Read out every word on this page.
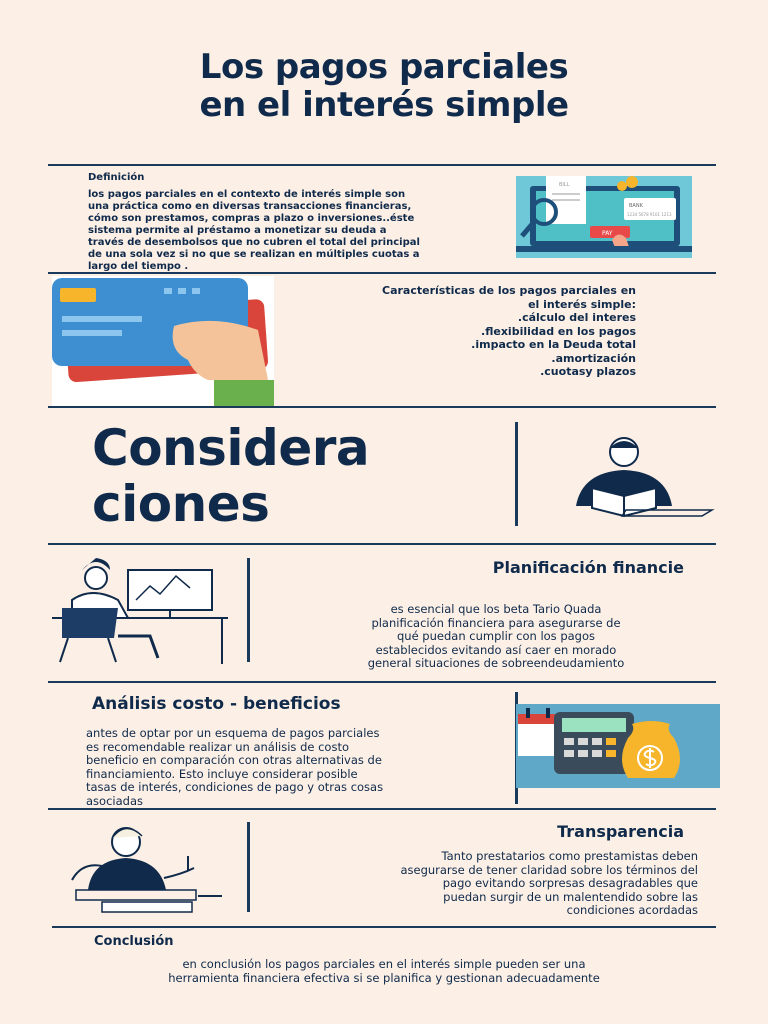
Los pagos parciales
en el interés simple
Definición
los pagos parciales en el contexto de interés simple son
una práctica como en diversas transacciones financieras,
cómo son prestamos, compras a plazo o inversiones..éste
sistema permite al préstamo a monetizar su deuda a
través de desembolsos que no cubren el total del principal
de una sola vez si no que se realizan en múltiples cuotas a
largo del tiempo .
BILL
BANK
1234 5678 9101 1213
PAY
Características de los pagos parciales en
el interés simple:
.cálculo del interes
.flexibilidad en los pagos
.impacto en la Deuda total
.amortización
.cuotasy plazos
Considera
ciones
Planificación financie
es esencial que los beta Tario Quada
planificación financiera para asegurarse de
qué puedan cumplir con los pagos
establecidos evitando así caer en morado
general situaciones de sobreendeudamiento
Análisis costo - beneficios
antes de optar por un esquema de pagos parciales
es recomendable realizar un análisis de costo
beneficio en comparación con otras alternativas de
financiamiento. Esto incluye considerar posible
tasas de interés, condiciones de pago y otras cosas
asociadas
Transparencia
Tanto prestatarios como prestamistas deben
asegurarse de tener claridad sobre los términos del
pago evitando sorpresas desagradables que
puedan surgir de un malentendido sobre las
condiciones acordadas
Conclusión
en conclusión los pagos parciales en el interés simple pueden ser una
herramienta financiera efectiva si se planifica y gestionan adecuadamente
